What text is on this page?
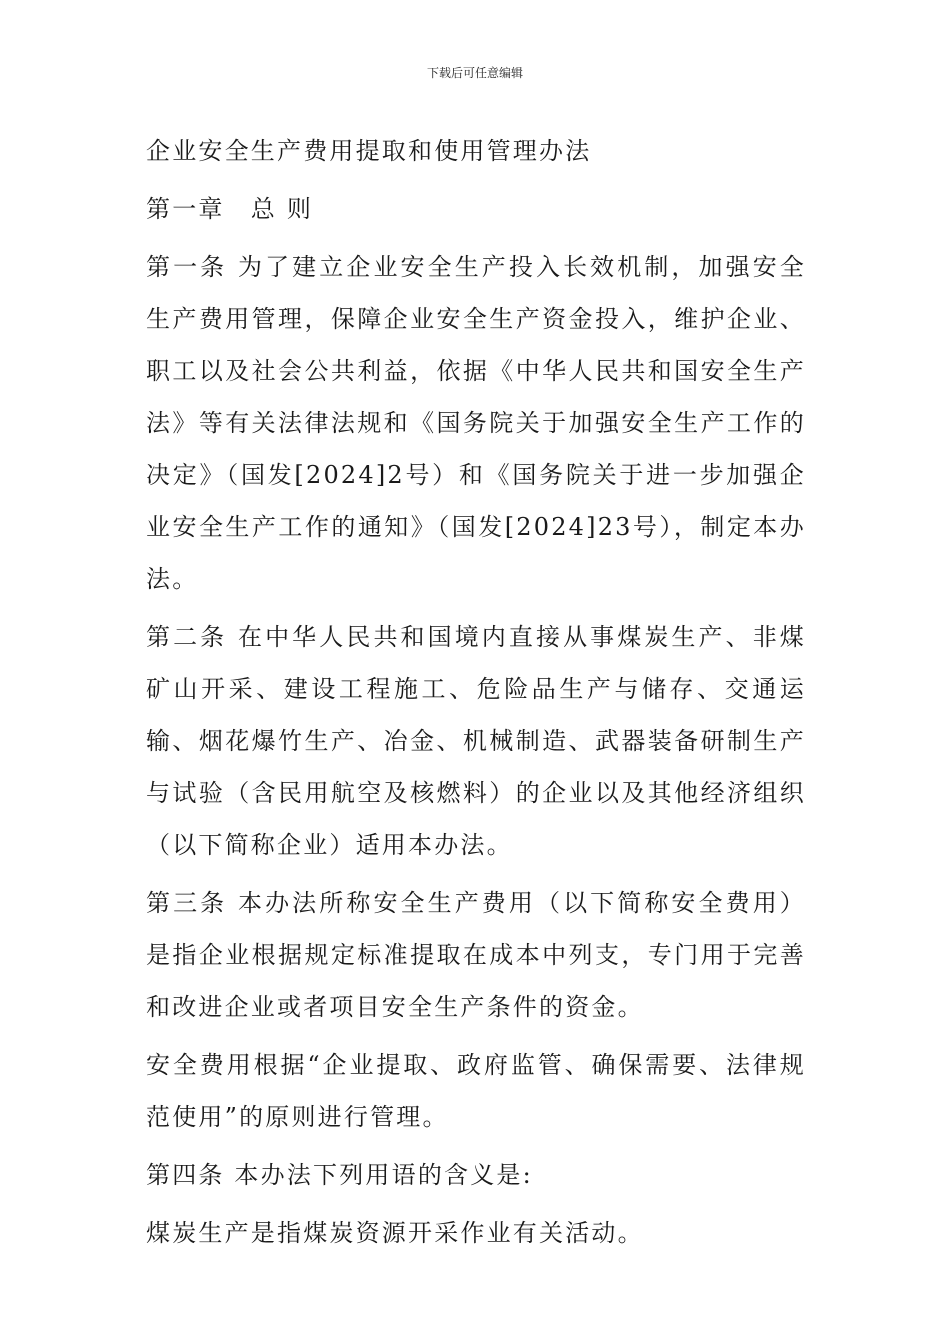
下载后可任意编辑

企业安全生产费用提取和使用管理办法

第一章　总 则

第一条 为了建立企业安全生产投入长效机制，加强安全生产费用管理，保障企业安全生产资金投入，维护企业、职工以及社会公共利益，依据《中华人民共和国安全生产法》等有关法律法规和《国务院关于加强安全生产工作的决定》（国发[2024]2号）和《国务院关于进一步加强企业安全生产工作的通知》（国发[2024]23号），制定本办法。

第二条 在中华人民共和国境内直接从事煤炭生产、非煤矿山开采、建设工程施工、危险品生产与储存、交通运输、烟花爆竹生产、冶金、机械制造、武器装备研制生产与试验（含民用航空及核燃料）的企业以及其他经济组织（以下简称企业）适用本办法。

第三条 本办法所称安全生产费用（以下简称安全费用）是指企业根据规定标准提取在成本中列支，专门用于完善和改进企业或者项目安全生产条件的资金。

安全费用根据“企业提取、政府监管、确保需要、法律规范使用”的原则进行管理。

第四条 本办法下列用语的含义是:

煤炭生产是指煤炭资源开采作业有关活动。
